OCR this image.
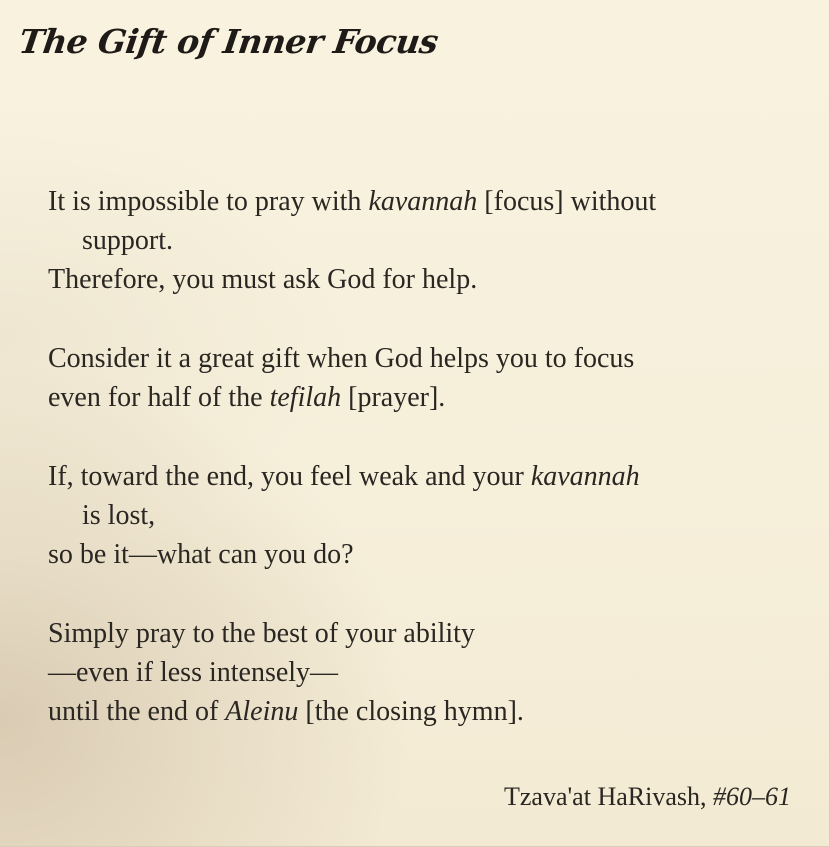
The Gift of Inner Focus

It is impossible to pray with kavannah [focus] without
support.
Therefore, you must ask God for help.

Consider it a great gift when God helps you to focus
even for half of the tefilah [prayer].

If, toward the end, you feel weak and your kavannah
is lost,
so be it—what can you do?

Simply pray to the best of your ability
—even if less intensely—
until the end of Aleinu [the closing hymn].

Tzava'at HaRivash, #60–61
